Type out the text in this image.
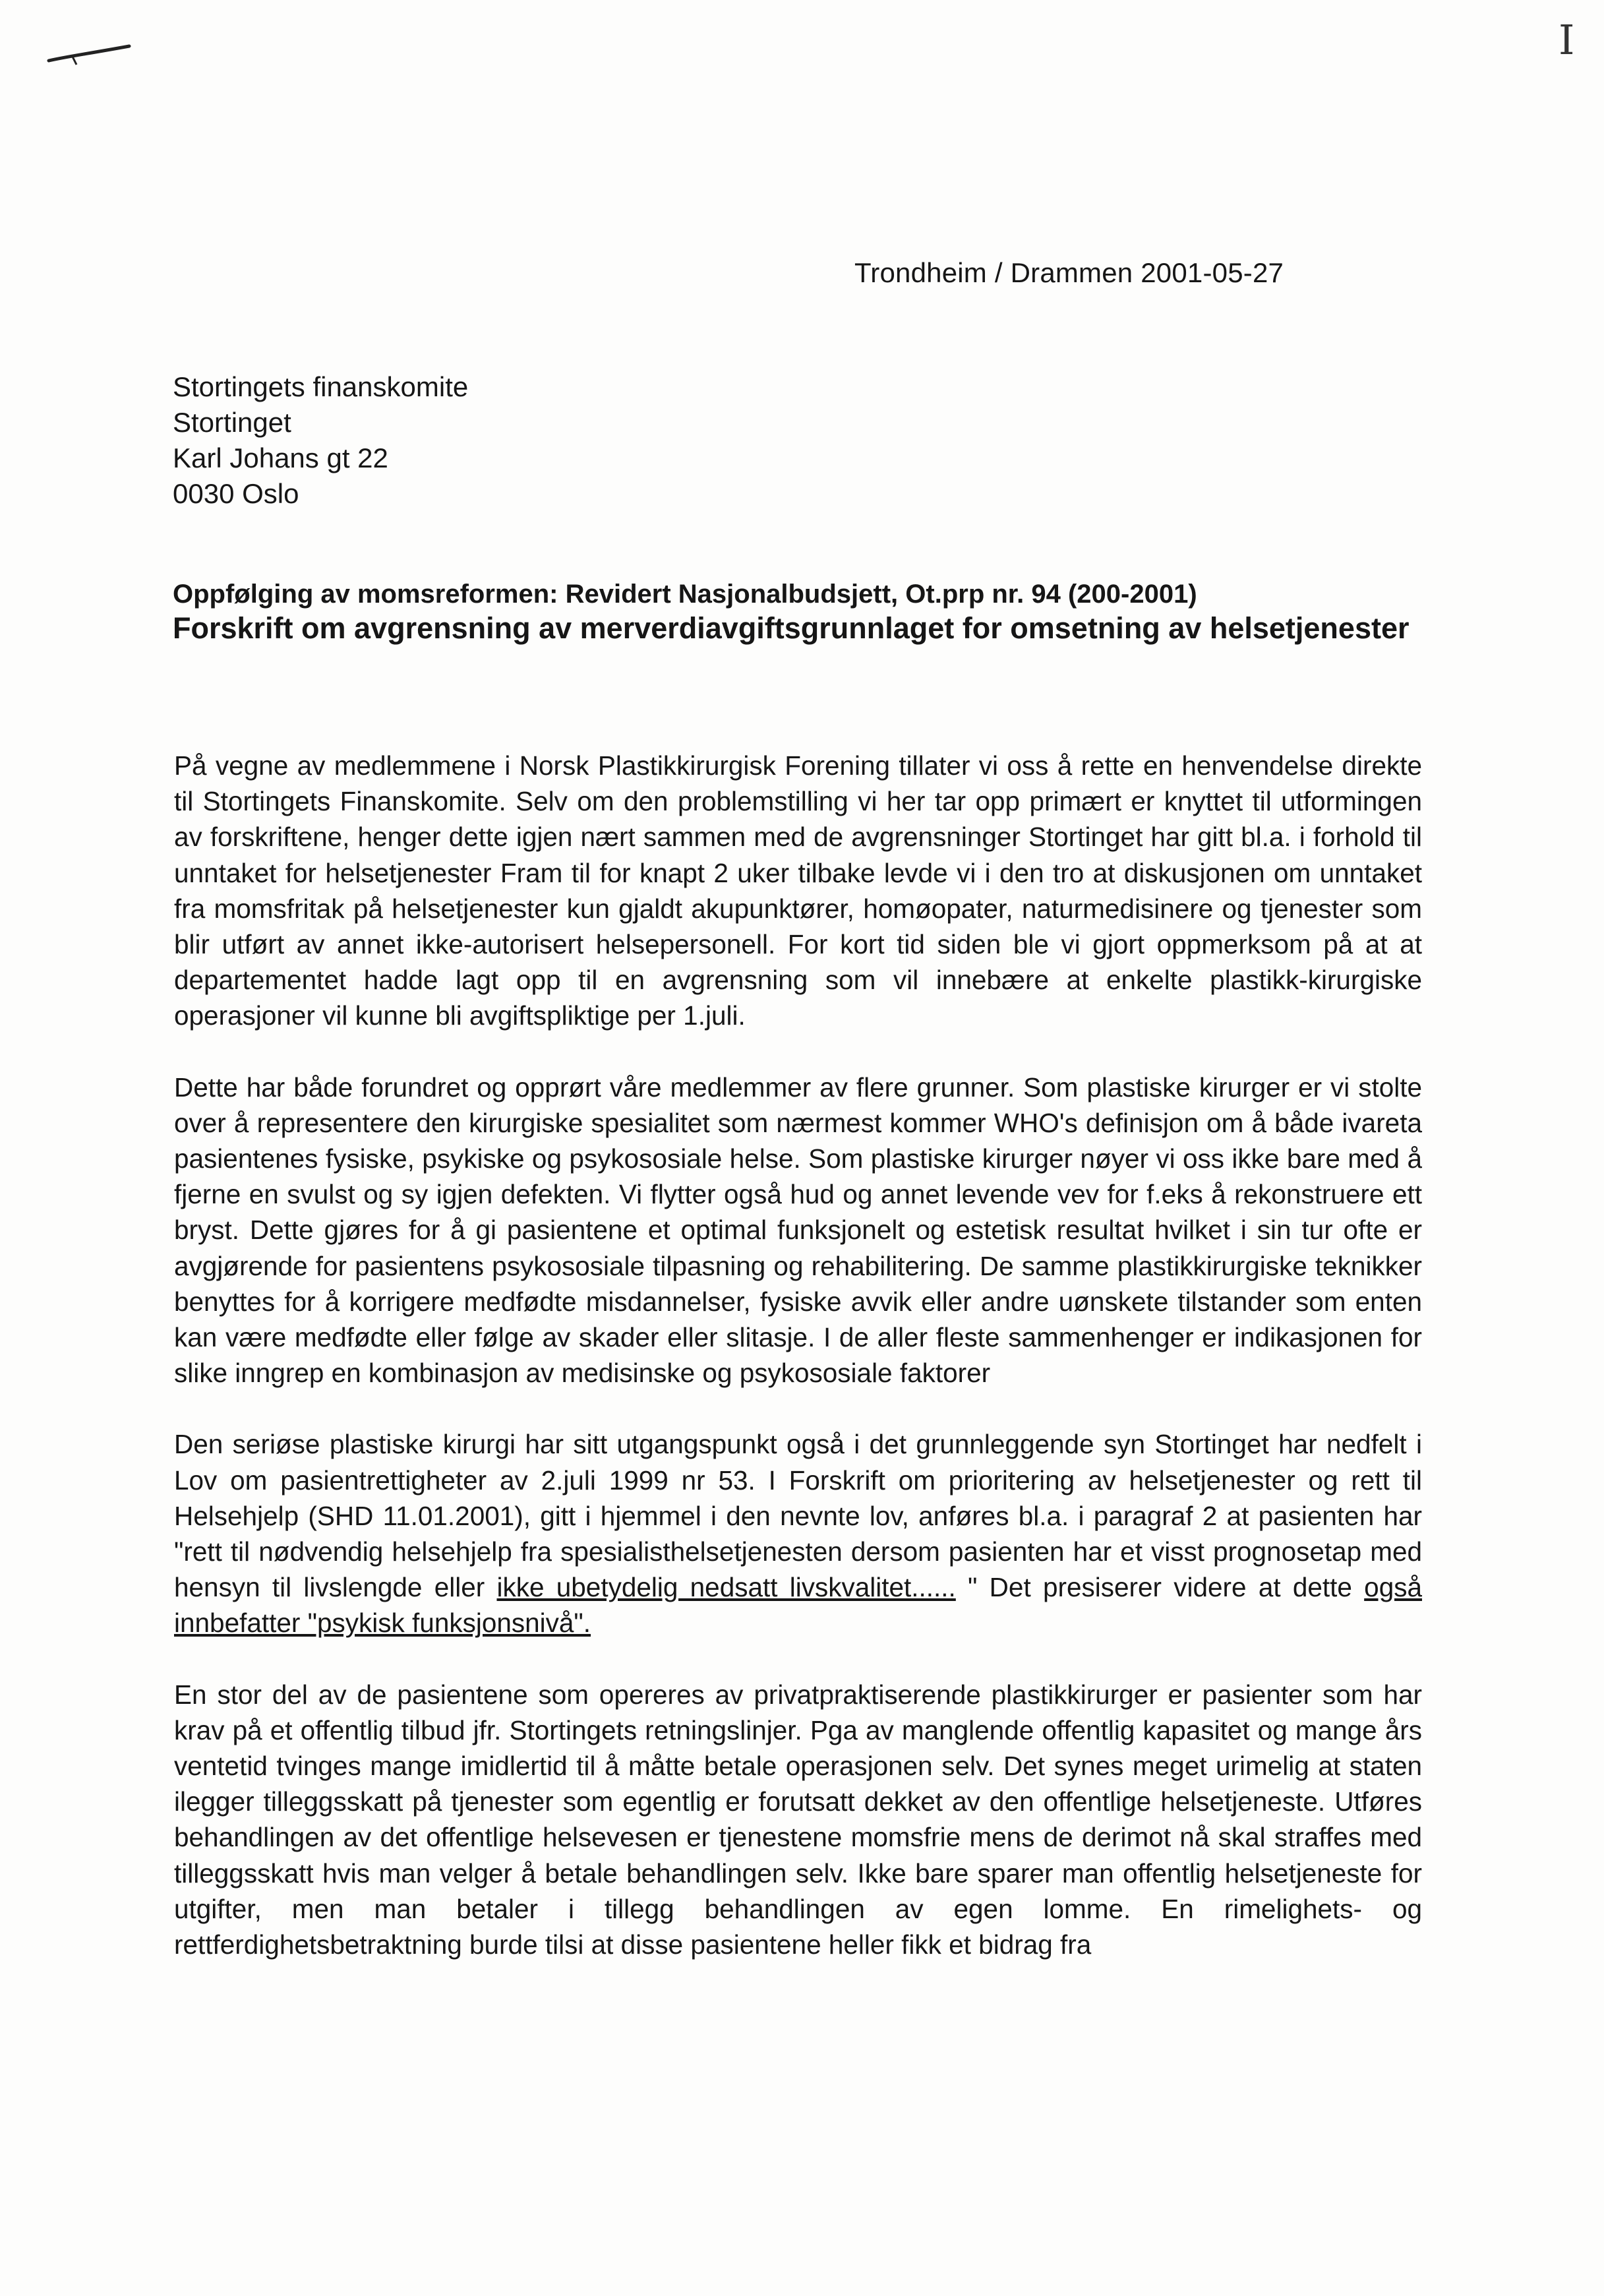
I
Trondheim / Drammen 2001-05-27
Stortingets finanskomite
Stortinget
Karl Johans gt 22
0030 Oslo
Oppfølging av momsreformen: Revidert Nasjonalbudsjett, Ot.prp nr. 94 (200-2001)
Forskrift om avgrensning av merverdiavgiftsgrunnlaget for omsetning av helsetjenester

På vegne av medlemmene i Norsk Plastikkirurgisk Forening tillater vi oss å rette en henvendelse direkte til Stortingets Finanskomite. Selv om den problemstilling vi her tar opp primært er knyttet til utformingen av forskriftene, henger dette igjen nært sammen med de avgrensninger Stortinget har gitt bl.a. i forhold til unntaket for helsetjenester Fram til for knapt 2 uker tilbake levde vi i den tro at diskusjonen om unntaket fra momsfritak på helsetjenester kun gjaldt akupunktører, homøopater, naturmedisinere og tjenester som blir utført av annet ikke-autorisert helsepersonell. For kort tid siden ble vi gjort oppmerksom på at at departementet hadde lagt opp til en avgrensning som vil innebære at enkelte plastikk-kirurgiske operasjoner vil kunne bli avgiftspliktige per 1.juli.

Dette har både forundret og opprørt våre medlemmer av flere grunner. Som plastiske kirurger er vi stolte over å representere den kirurgiske spesialitet som nærmest kommer WHO's definisjon om å både ivareta pasientenes fysiske, psykiske og psykososiale helse. Som plastiske kirurger nøyer vi oss ikke bare med å fjerne en svulst og sy igjen defekten. Vi flytter også hud og annet levende vev for f.eks å rekonstruere ett bryst. Dette gjøres for å gi pasientene et optimal funksjonelt og estetisk resultat hvilket i sin tur ofte er avgjørende for pasientens psykososiale tilpasning og rehabilitering. De samme plastikkirurgiske teknikker benyttes for å korrigere medfødte misdannelser, fysiske avvik eller andre uønskete tilstander som enten kan være medfødte eller følge av skader eller slitasje. I de aller fleste sammenhenger er indikasjonen for slike inngrep en kombinasjon av medisinske og psykososiale faktorer

Den seriøse plastiske kirurgi har sitt utgangspunkt også i det grunnleggende syn Stortinget har nedfelt i Lov om pasientrettigheter av 2.juli 1999 nr 53. I Forskrift om prioritering av helsetjenester og rett til Helsehjelp (SHD 11.01.2001), gitt i hjemmel i den nevnte lov, anføres bl.a. i paragraf 2 at pasienten har "rett til nødvendig helsehjelp fra spesialisthelsetjenesten dersom pasienten har et visst prognosetap med hensyn til livslengde eller ikke ubetydelig nedsatt livskvalitet...... " Det presiserer videre at dette også innbefatter "psykisk funksjonsnivå".

En stor del av de pasientene som opereres av privatpraktiserende plastikkirurger er pasienter som har krav på et offentlig tilbud jfr. Stortingets retningslinjer. Pga av manglende offentlig kapasitet og mange års ventetid tvinges mange imidlertid til å måtte betale operasjonen selv. Det synes meget urimelig at staten ilegger tilleggsskatt på tjenester som egentlig er forutsatt dekket av den offentlige helsetjeneste. Utføres behandlingen av det offentlige helsevesen er tjenestene momsfrie mens de derimot nå skal straffes med tilleggsskatt hvis man velger å betale behandlingen selv. Ikke bare sparer man offentlig helsetjeneste for utgifter, men man betaler i tillegg behandlingen av egen lomme. En rimelighets- og rettferdighetsbetraktning burde tilsi at disse pasientene heller fikk et bidrag fra
